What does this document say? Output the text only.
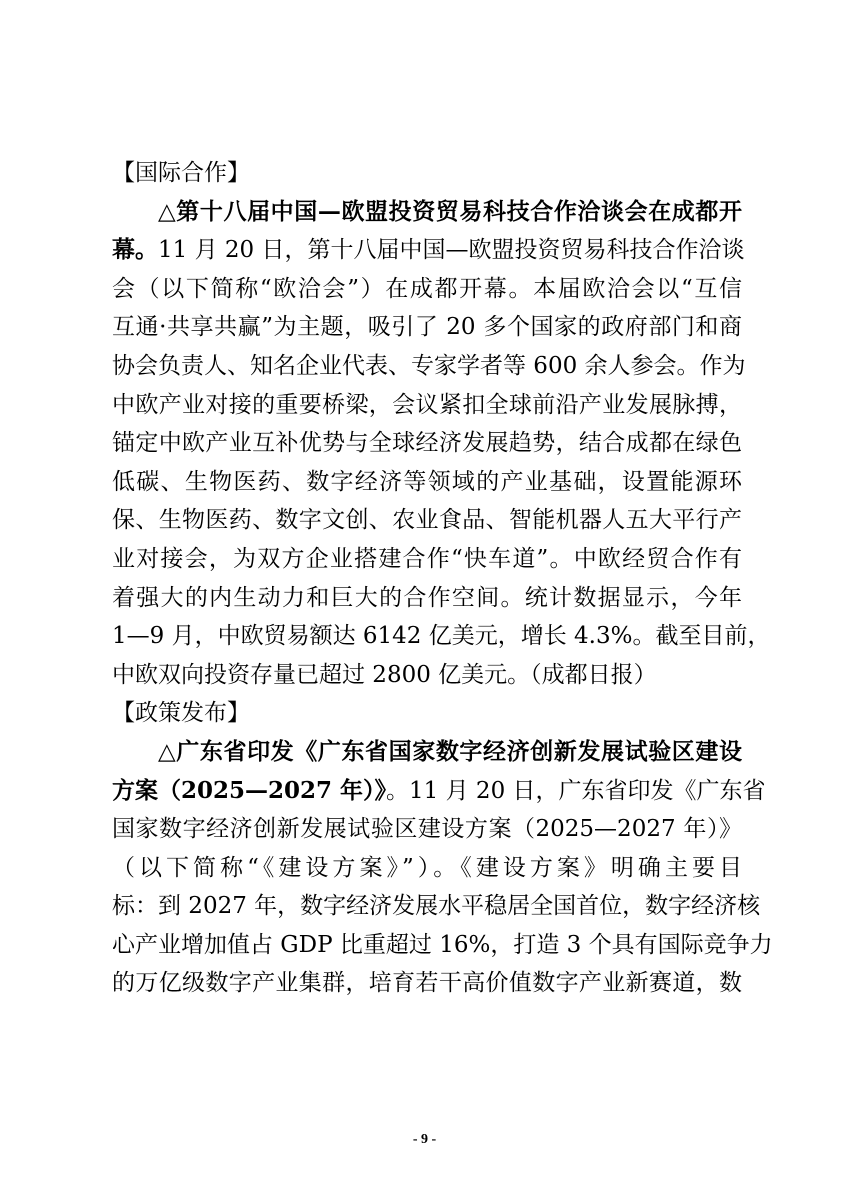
【国际合作】
△第十八届中国—欧盟投资贸易科技合作洽谈会在成都开
幕。11 月 20 日，第十八届中国—欧盟投资贸易科技合作洽谈
会（以下简称“欧洽会”）在成都开幕。本届欧洽会以“互信
互通·共享共赢”为主题，吸引了 20 多个国家的政府部门和商
协会负责人、知名企业代表、专家学者等 600 余人参会。作为
中欧产业对接的重要桥梁，会议紧扣全球前沿产业发展脉搏，
锚定中欧产业互补优势与全球经济发展趋势，结合成都在绿色
低碳、生物医药、数字经济等领域的产业基础，设置能源环
保、生物医药、数字文创、农业食品、智能机器人五大平行产
业对接会，为双方企业搭建合作“快车道”。中欧经贸合作有
着强大的内生动力和巨大的合作空间。统计数据显示，今年
1—9 月，中欧贸易额达 6142 亿美元，增长 4.3%。截至目前，
中欧双向投资存量已超过 2800 亿美元。（成都日报）
【政策发布】
△广东省印发《广东省国家数字经济创新发展试验区建设
方案（2025—2027 年）》。11 月 20 日，广东省印发《广东省
国家数字经济创新发展试验区建设方案（2025—2027 年）》
（以下简称“《建设方案》”）。《建设方案》明确主要目
标：到 2027 年，数字经济发展水平稳居全国首位，数字经济核
心产业增加值占 GDP 比重超过 16%，打造 3 个具有国际竞争力
的万亿级数字产业集群，培育若干高价值数字产业新赛道，数
- 9 -
